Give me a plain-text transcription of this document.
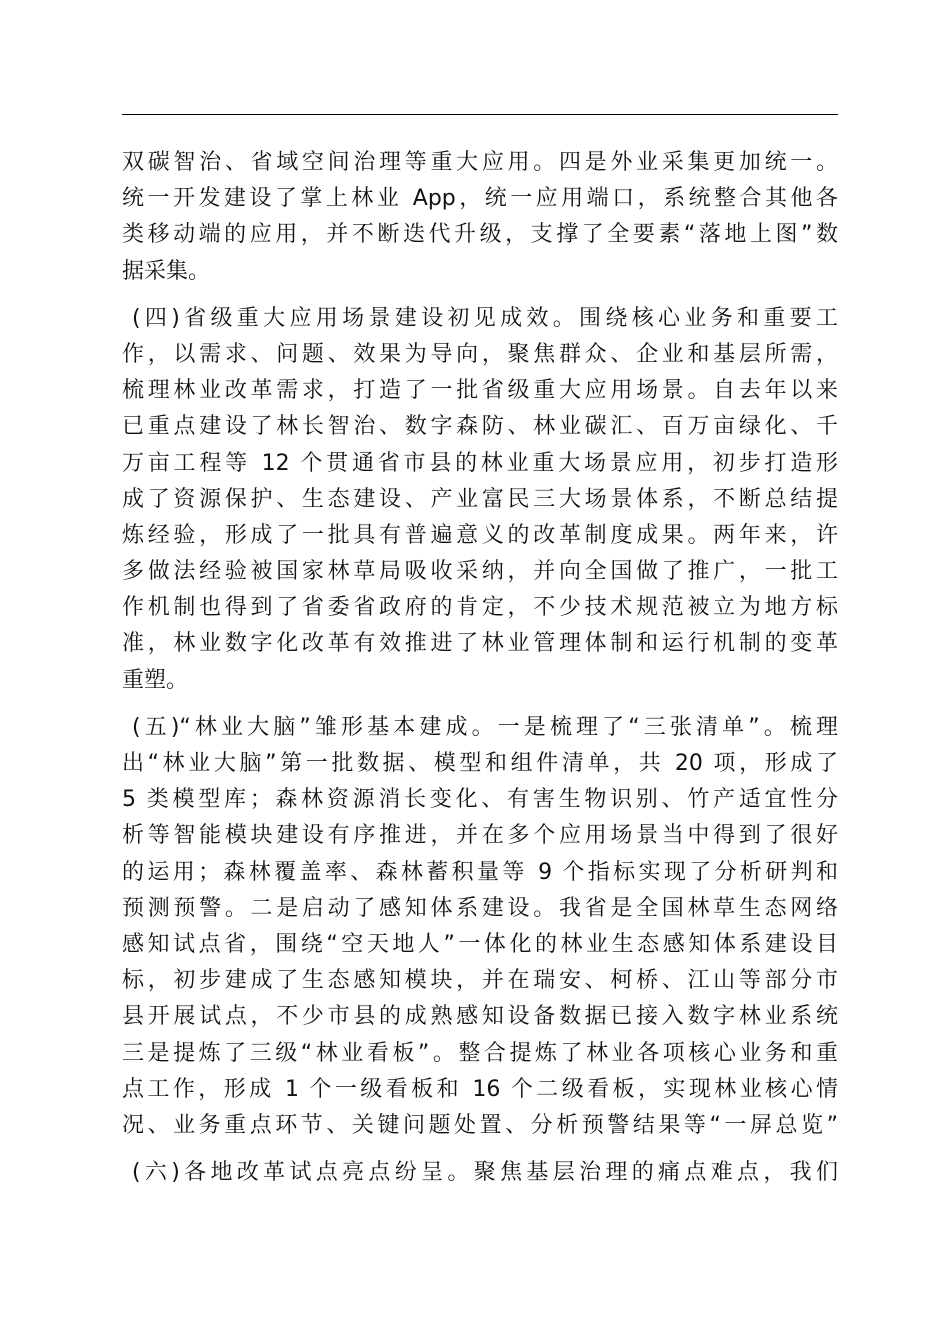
双碳智治、省域空间治理等重大应用。四是外业采集更加统一。
统一开发建设了掌上林业 App，统一应用端口，系统整合其他各
类移动端的应用，并不断迭代升级，支撑了全要素“落地上图”数
据采集。
(四)省级重大应用场景建设初见成效。围绕核心业务和重要工
作，以需求、问题、效果为导向，聚焦群众、企业和基层所需，
梳理林业改革需求，打造了一批省级重大应用场景。自去年以来
已重点建设了林长智治、数字森防、林业碳汇、百万亩绿化、千
万亩工程等 12 个贯通省市县的林业重大场景应用，初步打造形
成了资源保护、生态建设、产业富民三大场景体系，不断总结提
炼经验，形成了一批具有普遍意义的改革制度成果。两年来，许
多做法经验被国家林草局吸收采纳，并向全国做了推广，一批工
作机制也得到了省委省政府的肯定，不少技术规范被立为地方标
准，林业数字化改革有效推进了林业管理体制和运行机制的变革
重塑。
(五)“林业大脑”雏形基本建成。一是梳理了“三张清单”。梳理
出“林业大脑”第一批数据、模型和组件清单，共 20 项，形成了
5 类模型库；森林资源消长变化、有害生物识别、竹产适宜性分
析等智能模块建设有序推进，并在多个应用场景当中得到了很好
的运用；森林覆盖率、森林蓄积量等 9 个指标实现了分析研判和
预测预警。二是启动了感知体系建设。我省是全国林草生态网络
感知试点省，围绕“空天地人”一体化的林业生态感知体系建设目
标，初步建成了生态感知模块，并在瑞安、柯桥、江山等部分市
县开展试点，不少市县的成熟感知设备数据已接入数字林业系统
三是提炼了三级“林业看板”。整合提炼了林业各项核心业务和重
点工作，形成 1 个一级看板和 16 个二级看板，实现林业核心情
况、业务重点环节、关键问题处置、分析预警结果等“一屏总览”
(六)各地改革试点亮点纷呈。聚焦基层治理的痛点难点，我们
